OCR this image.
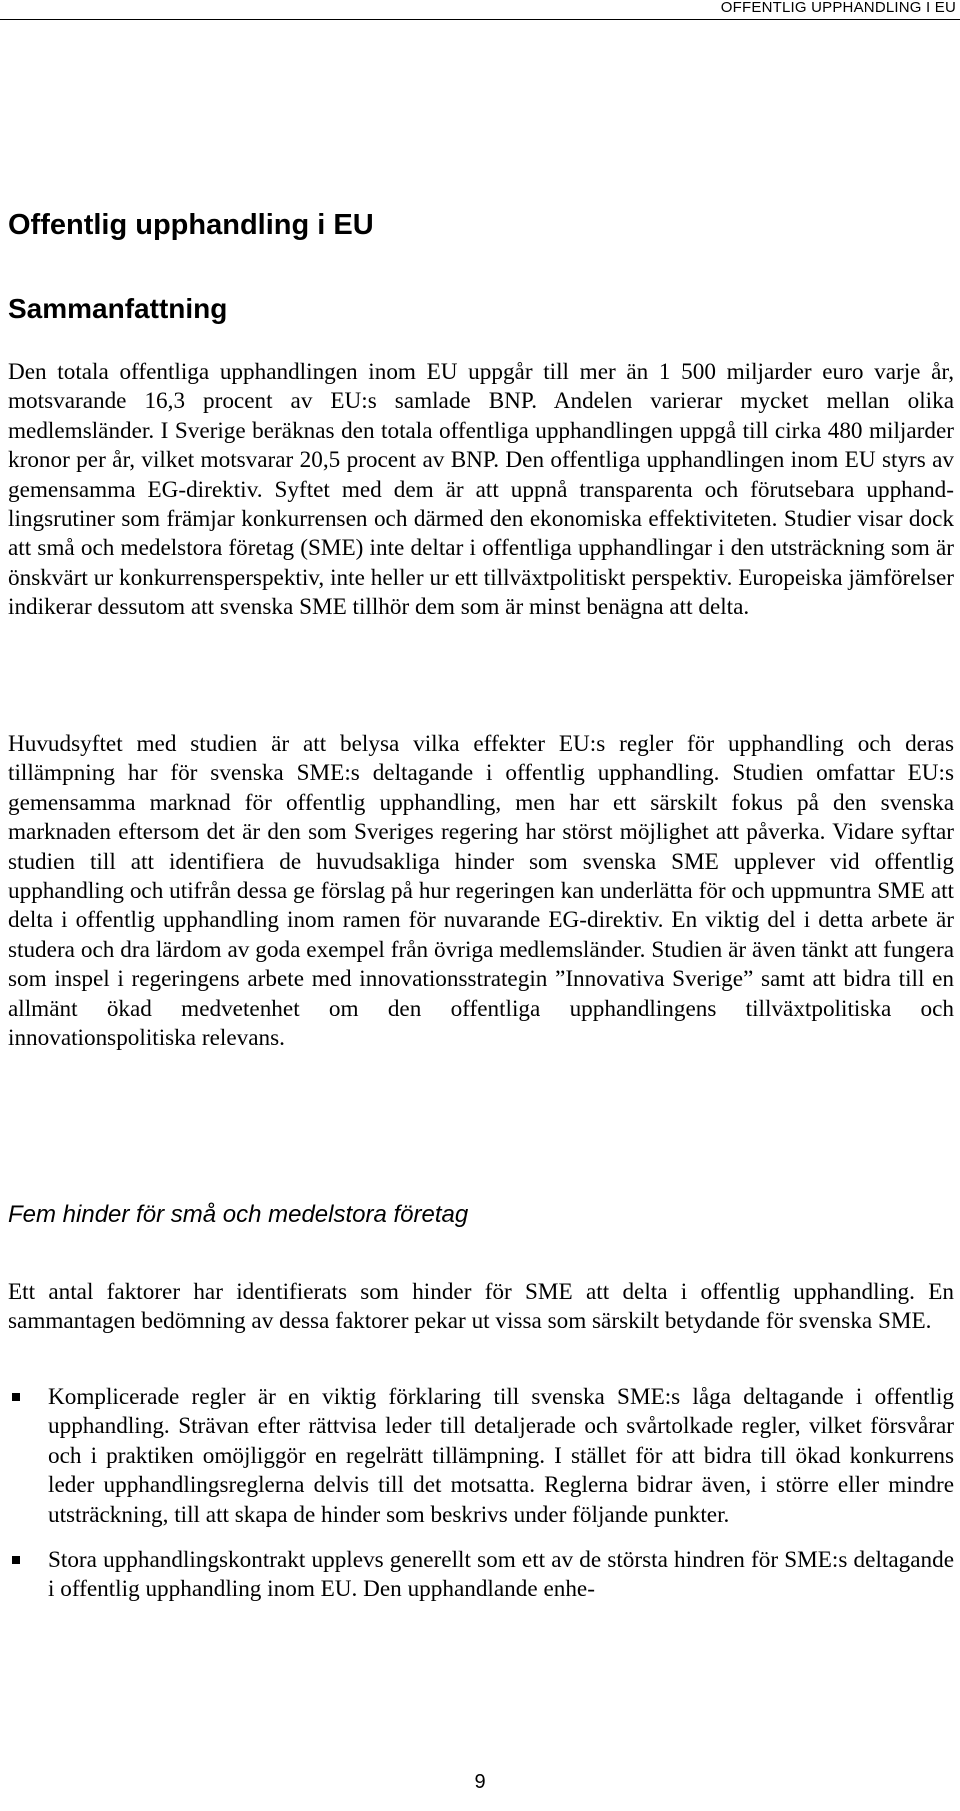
OFFENTLIG UPPHANDLING I EU
Offentlig upphandling i EU
Sammanfattning

Den totala offentliga upphandlingen inom EU uppgår till mer än 1 500 miljarder euro varje år, motsvarande 16,3 procent av EU:s samlade BNP. Andelen varierar mycket mellan olika medlemsländer. I Sverige beräknas den totala offentliga upphandlingen uppgå till cirka 480 miljarder kronor per år, vilket motsvarar 20,5 procent av BNP. Den offentliga upphandlingen inom EU styrs av gemensamma EG-direktiv. Syftet med dem är att uppnå transparenta och förutsebara upphandlingsrutiner som främjar konkurrensen och därmed den ekonomiska effektiviteten. Studier visar dock att små och medelstora företag (SME) inte deltar i offentliga upphandlingar i den utsträckning som är önskvärt ur konkurrensperspektiv, inte heller ur ett tillväxtpolitiskt perspektiv. Europeiska jämförelser indikerar dessutom att svenska SME tillhör dem som är minst benägna att delta.

Huvudsyftet med studien är att belysa vilka effekter EU:s regler för upphandling och deras tillämpning har för svenska SME:s deltagande i offentlig upphandling. Studien omfattar EU:s gemensamma marknad för offentlig upphandling, men har ett särskilt fokus på den svenska marknaden eftersom det är den som Sveriges regering har störst möjlighet att påverka. Vidare syftar studien till att identifiera de huvudsakliga hinder som svenska SME upplever vid offentlig upphandling och utifrån dessa ge förslag på hur regeringen kan underlätta för och uppmuntra SME att delta i offentlig upphandling inom ramen för nuvarande EG-direktiv. En viktig del i detta arbete är studera och dra lärdom av goda exempel från övriga medlemsländer. Studien är även tänkt att fungera som inspel i regeringens arbete med innovationsstrategin ”Innovativa Sverige” samt att bidra till en allmänt ökad medvetenhet om den offentliga upphandlingens tillväxtpolitiska och innovationspolitiska relevans.

Fem hinder för små och medelstora företag

Ett antal faktorer har identifierats som hinder för SME att delta i offentlig upphandling. En sammantagen bedömning av dessa faktorer pekar ut vissa som särskilt betydande för svenska SME.

Komplicerade regler är en viktig förklaring till svenska SME:s låga deltagande i offentlig upphandling. Strävan efter rättvisa leder till detaljerade och svårtolkade regler, vilket försvårar och i praktiken omöjliggör en regelrätt tillämpning. I stället för att bidra till ökad konkurrens leder upphandlingsreglerna delvis till det motsatta. Reglerna bidrar även, i större eller mindre utsträckning, till att skapa de hinder som beskrivs under följande punkter.
Stora upphandlingskontrakt upplevs generellt som ett av de största hindren för SME:s deltagande i offentlig upphandling inom EU. Den upphandlande enhe-
9
